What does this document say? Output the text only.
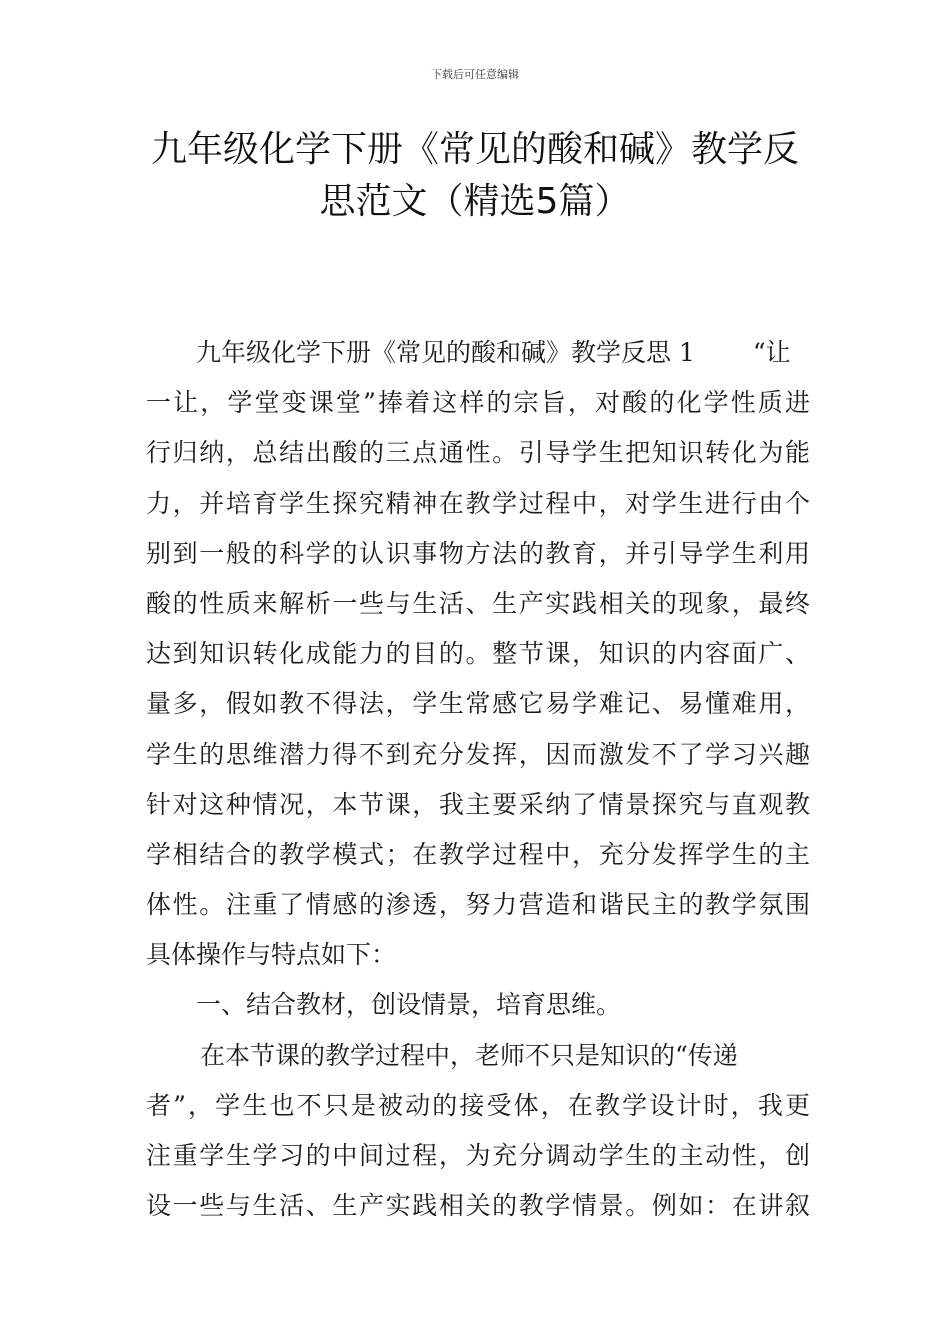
下载后可任意编辑
九年级化学下册《常见的酸和碱》教学反
思范文（精选5篇）
九年级化学下册《常见的酸和碱》教学反思 1 “让
一让，学堂变课堂”捧着这样的宗旨，对酸的化学性质进
行归纳，总结出酸的三点通性。引导学生把知识转化为能
力，并培育学生探究精神在教学过程中，对学生进行由个
别到一般的科学的认识事物方法的教育，并引导学生利用
酸的性质来解析一些与生活、生产实践相关的现象，最终
达到知识转化成能力的目的。整节课，知识的内容面广、
量多，假如教不得法，学生常感它易学难记、易懂难用，
学生的思维潜力得不到充分发挥，因而激发不了学习兴趣
针对这种情况，本节课，我主要采纳了情景探究与直观教
学相结合的教学模式；在教学过程中，充分发挥学生的主
体性。注重了情感的渗透，努力营造和谐民主的教学氛围
具体操作与特点如下：
一、结合教材，创设情景，培育思维。
在本节课的教学过程中，老师不只是知识的“传递
者”，学生也不只是被动的接受体，在教学设计时，我更
注重学生学习的中间过程，为充分调动学生的主动性，创
设一些与生活、生产实践相关的教学情景。例如：在讲叙
